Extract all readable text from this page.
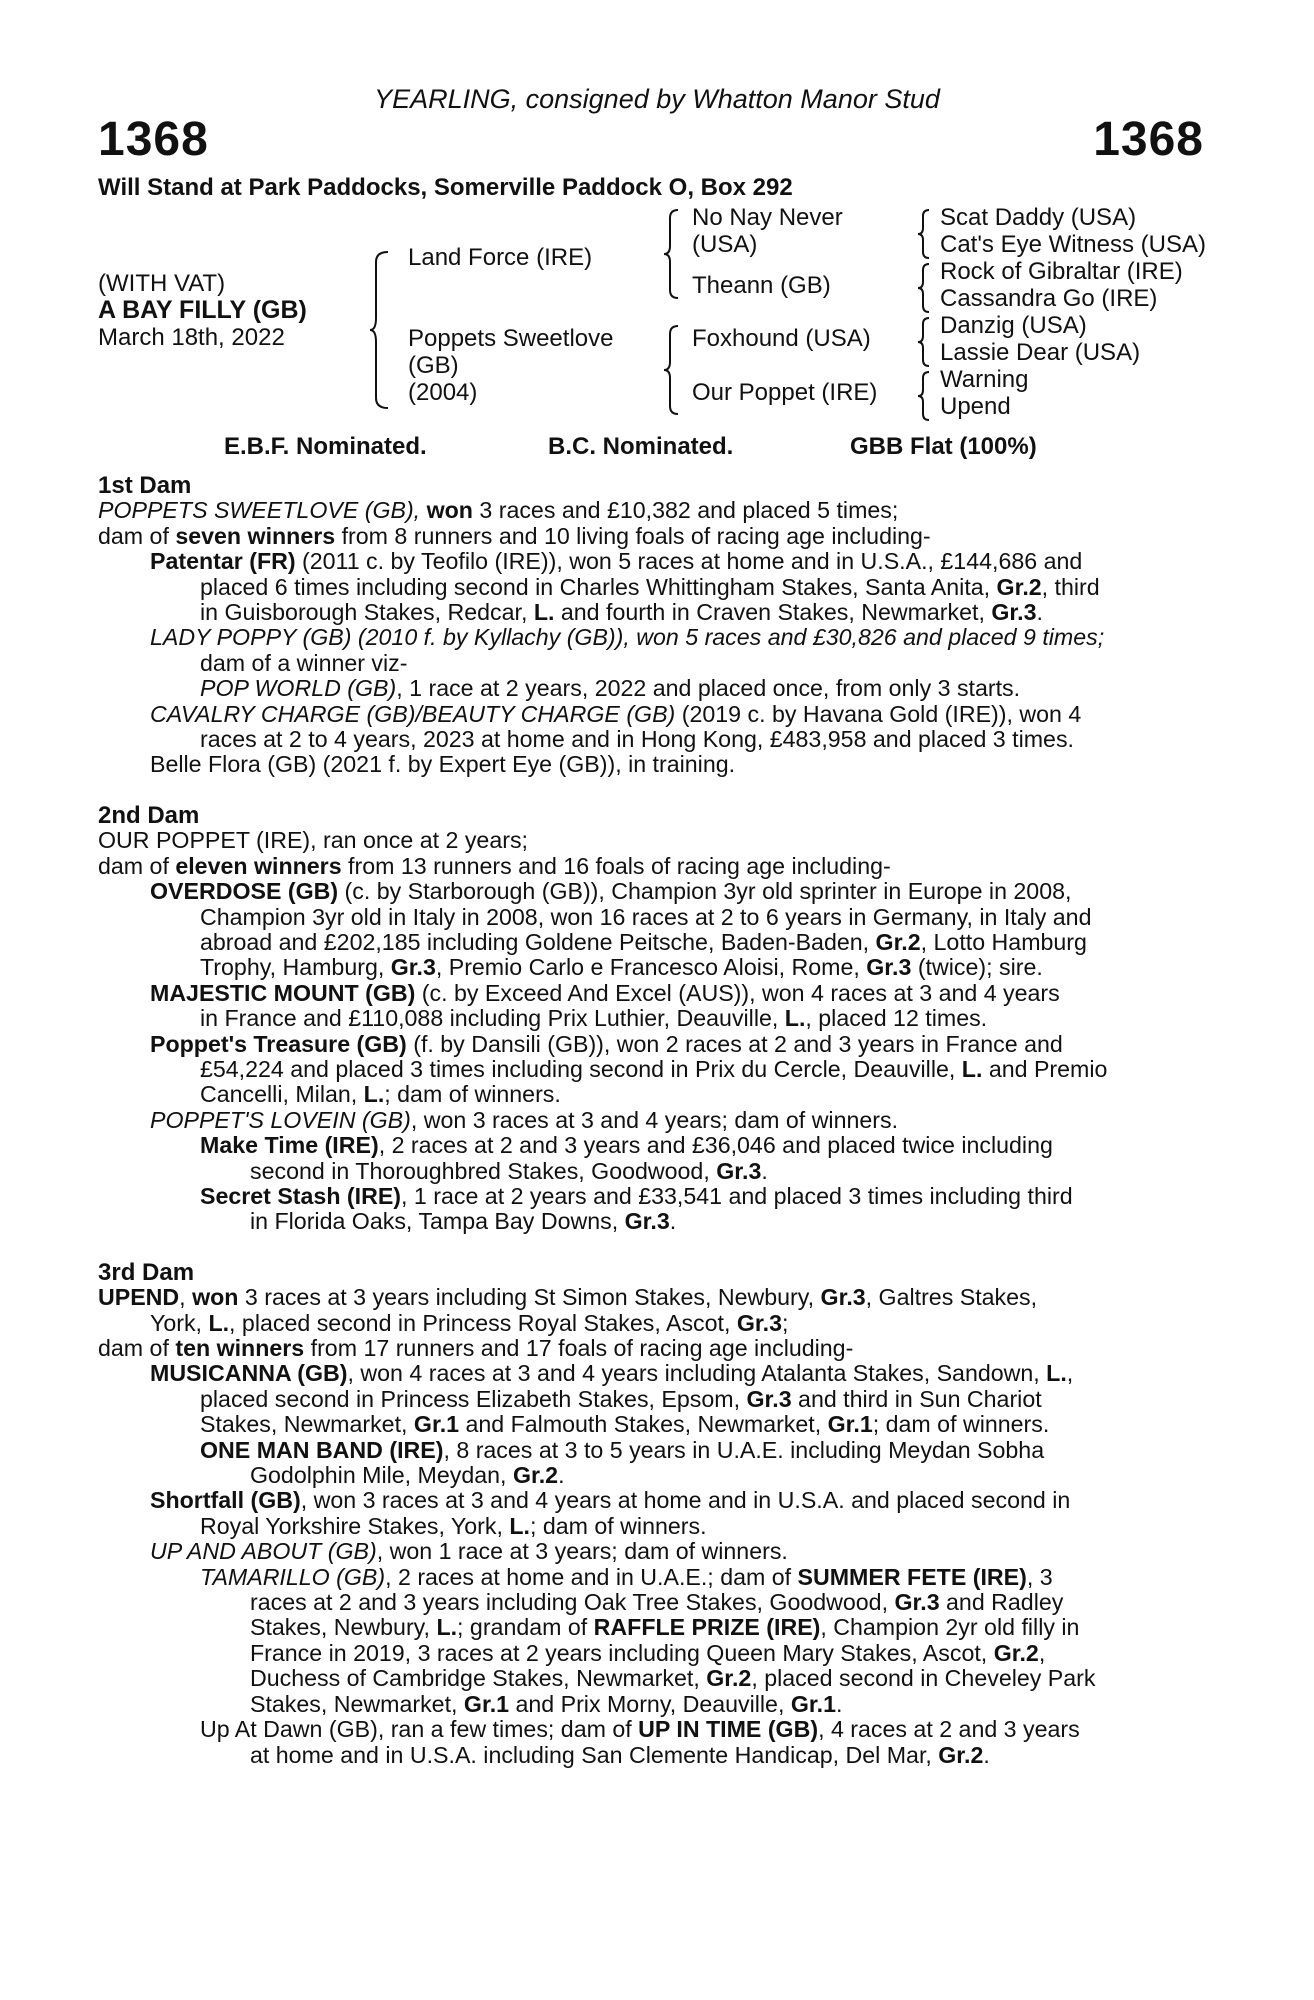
YEARLING, consigned by Whatton Manor Stud
1368	1368
Will Stand at Park Paddocks, Somerville Paddock O, Box 292
(WITH VAT)
A BAY FILLY (GB)
March 18th, 2022
Land Force (IRE)
Poppets Sweetlove
(GB)
(2004)
No Nay Never
(USA)
Theann (GB)
Foxhound (USA)
Our Poppet (IRE)
Scat Daddy (USA)
Cat's Eye Witness (USA)
Rock of Gibraltar (IRE)
Cassandra Go (IRE)
Danzig (USA)
Lassie Dear (USA)
Warning
Upend
E.B.F. Nominated.	B.C. Nominated.	GBB Flat (100%)
1st Dam
POPPETS SWEETLOVE (GB), won 3 races and £10,382 and placed 5 times;
dam of seven winners from 8 runners and 10 living foals of racing age including-
Patentar (FR) (2011 c. by Teofilo (IRE)), won 5 races at home and in U.S.A., £144,686 and
placed 6 times including second in Charles Whittingham Stakes, Santa Anita, Gr.2, third
in Guisborough Stakes, Redcar, L. and fourth in Craven Stakes, Newmarket, Gr.3.
LADY POPPY (GB) (2010 f. by Kyllachy (GB)), won 5 races and £30,826 and placed 9 times;
dam of a winner viz-
POP WORLD (GB), 1 race at 2 years, 2022 and placed once, from only 3 starts.
CAVALRY CHARGE (GB)/BEAUTY CHARGE (GB) (2019 c. by Havana Gold (IRE)), won 4
races at 2 to 4 years, 2023 at home and in Hong Kong, £483,958 and placed 3 times.
Belle Flora (GB) (2021 f. by Expert Eye (GB)), in training.
2nd Dam
OUR POPPET (IRE), ran once at 2 years;
dam of eleven winners from 13 runners and 16 foals of racing age including-
OVERDOSE (GB) (c. by Starborough (GB)), Champion 3yr old sprinter in Europe in 2008,
Champion 3yr old in Italy in 2008, won 16 races at 2 to 6 years in Germany, in Italy and
abroad and £202,185 including Goldene Peitsche, Baden-Baden, Gr.2, Lotto Hamburg
Trophy, Hamburg, Gr.3, Premio Carlo e Francesco Aloisi, Rome, Gr.3 (twice); sire.
MAJESTIC MOUNT (GB) (c. by Exceed And Excel (AUS)), won 4 races at 3 and 4 years
in France and £110,088 including Prix Luthier, Deauville, L., placed 12 times.
Poppet's Treasure (GB) (f. by Dansili (GB)), won 2 races at 2 and 3 years in France and
£54,224 and placed 3 times including second in Prix du Cercle, Deauville, L. and Premio
Cancelli, Milan, L.; dam of winners.
POPPET'S LOVEIN (GB), won 3 races at 3 and 4 years; dam of winners.
Make Time (IRE), 2 races at 2 and 3 years and £36,046 and placed twice including
second in Thoroughbred Stakes, Goodwood, Gr.3.
Secret Stash (IRE), 1 race at 2 years and £33,541 and placed 3 times including third
in Florida Oaks, Tampa Bay Downs, Gr.3.
3rd Dam
UPEND, won 3 races at 3 years including St Simon Stakes, Newbury, Gr.3, Galtres Stakes,
York, L., placed second in Princess Royal Stakes, Ascot, Gr.3;
dam of ten winners from 17 runners and 17 foals of racing age including-
MUSICANNA (GB), won 4 races at 3 and 4 years including Atalanta Stakes, Sandown, L.,
placed second in Princess Elizabeth Stakes, Epsom, Gr.3 and third in Sun Chariot
Stakes, Newmarket, Gr.1 and Falmouth Stakes, Newmarket, Gr.1; dam of winners.
ONE MAN BAND (IRE), 8 races at 3 to 5 years in U.A.E. including Meydan Sobha
Godolphin Mile, Meydan, Gr.2.
Shortfall (GB), won 3 races at 3 and 4 years at home and in U.S.A. and placed second in
Royal Yorkshire Stakes, York, L.; dam of winners.
UP AND ABOUT (GB), won 1 race at 3 years; dam of winners.
TAMARILLO (GB), 2 races at home and in U.A.E.; dam of SUMMER FETE (IRE), 3
races at 2 and 3 years including Oak Tree Stakes, Goodwood, Gr.3 and Radley
Stakes, Newbury, L.; grandam of RAFFLE PRIZE (IRE), Champion 2yr old filly in
France in 2019, 3 races at 2 years including Queen Mary Stakes, Ascot, Gr.2,
Duchess of Cambridge Stakes, Newmarket, Gr.2, placed second in Cheveley Park
Stakes, Newmarket, Gr.1 and Prix Morny, Deauville, Gr.1.
Up At Dawn (GB), ran a few times; dam of UP IN TIME (GB), 4 races at 2 and 3 years
at home and in U.S.A. including San Clemente Handicap, Del Mar, Gr.2.
